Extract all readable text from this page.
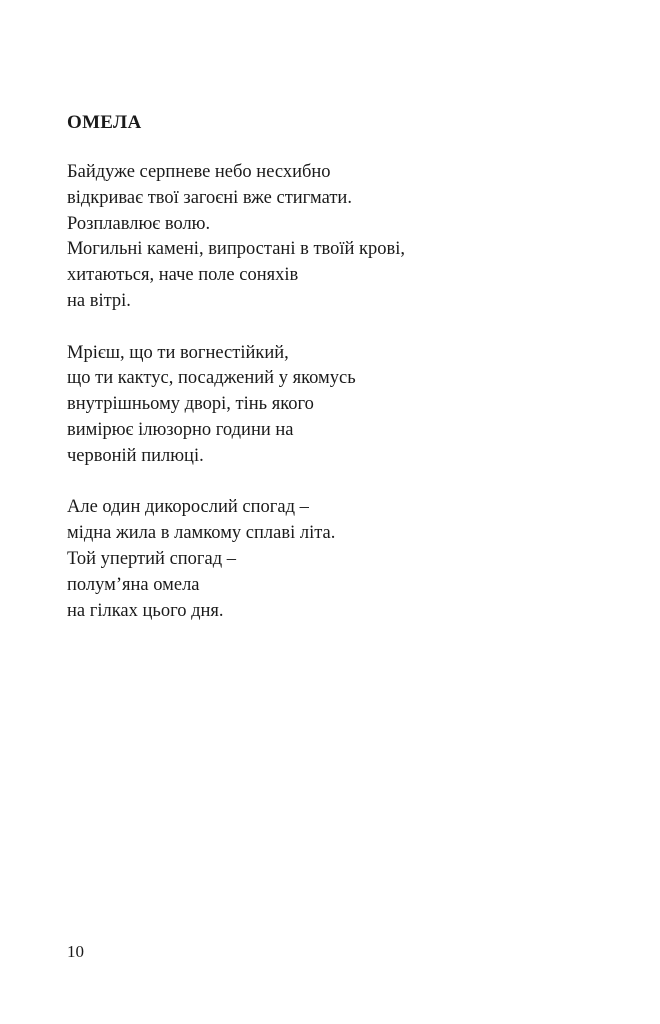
ОМЕЛА
Байдуже серпневе небо несхибно
відкриває твої загоєні вже стигмати.
Розплавлює волю.
Могильні камені, випростані в твоїй крові,
хитаються, наче поле соняхів
на вітрі.
Мрієш, що ти вогнестійкий,
що ти кактус, посаджений у якомусь
внутрішньому дворі, тінь якого
вимірює ілюзорно години на
червоній пилюці.
Але один дикорослий спогад –
мідна жила в ламкому сплаві літа.
Той упертий спогад –
полум’яна омела
на гілках цього дня.
10
